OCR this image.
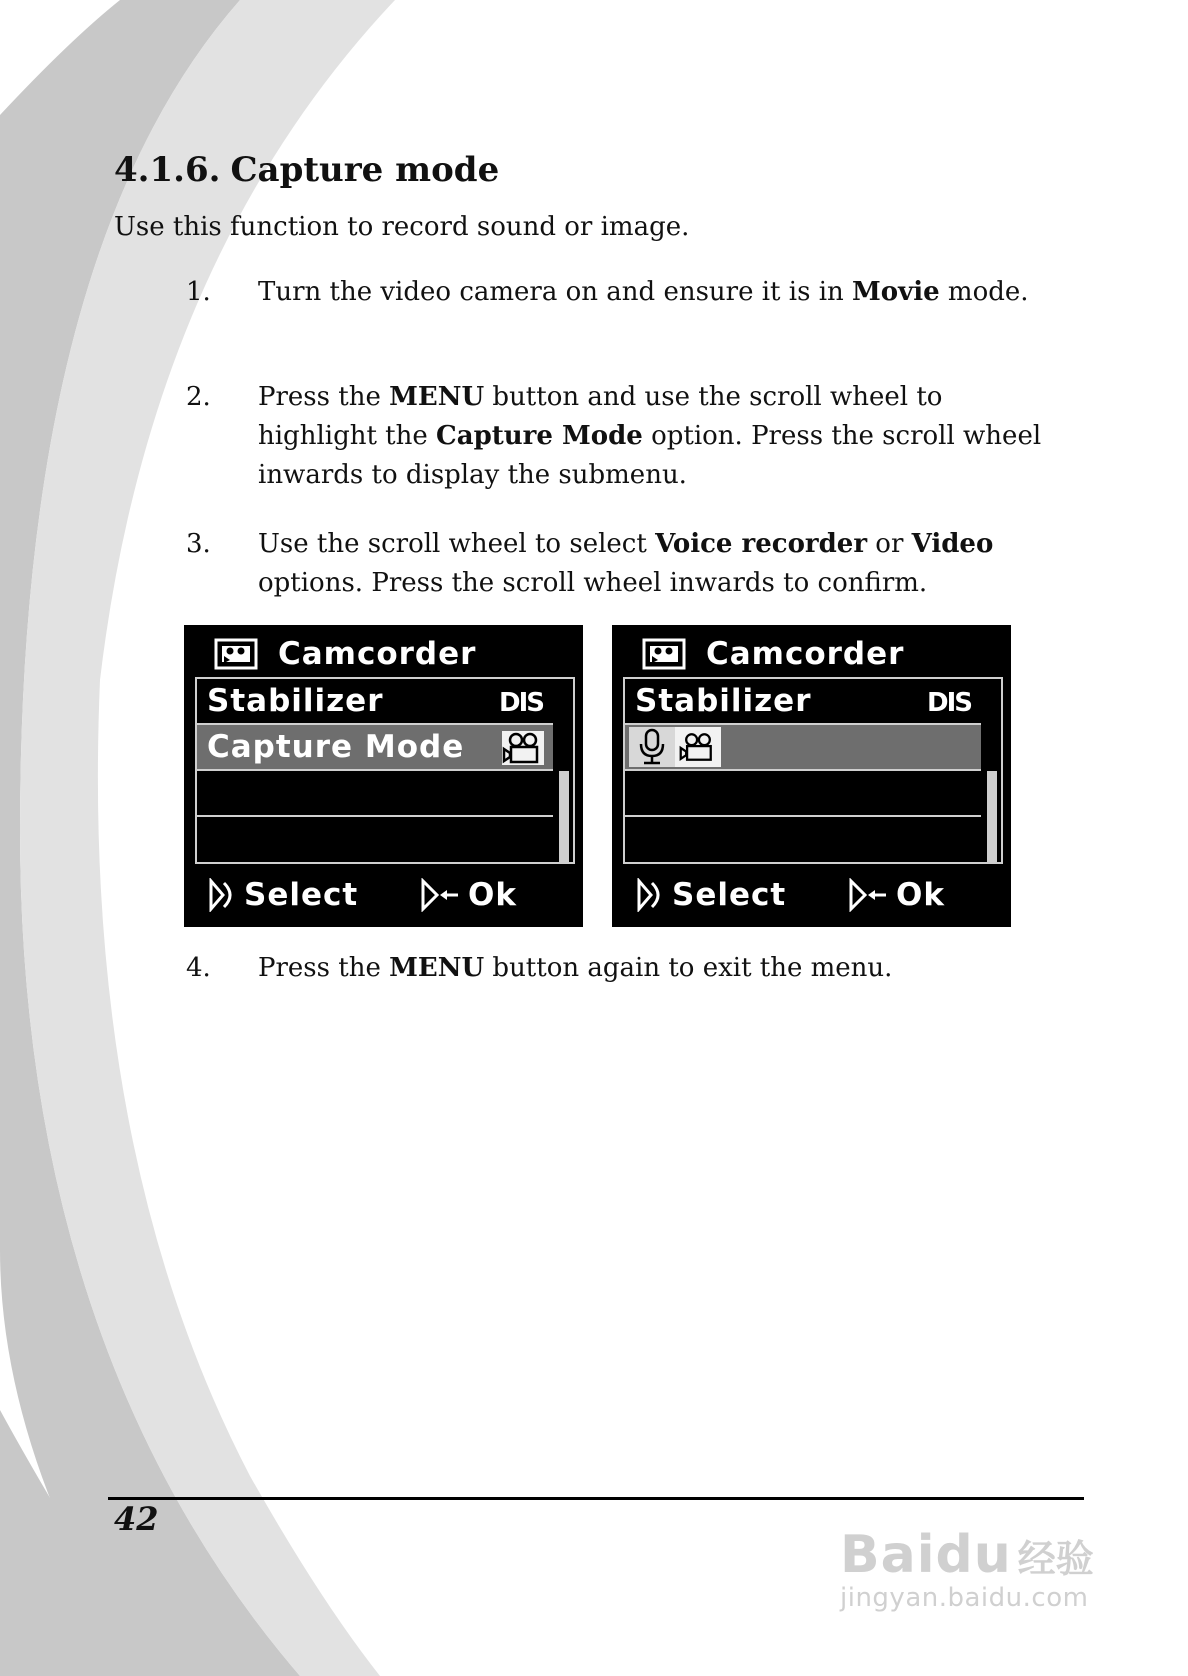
4.1.6. Capture mode

Use this function to record sound or image.

1. Turn the video camera on and ensure it is in Movie mode.
2. Press the MENU button and use the scroll wheel to highlight the Capture Mode option. Press the scroll wheel inwards to display the submenu.
3. Use the scroll wheel to select Voice recorder or Video options. Press the scroll wheel inwards to confirm.
Camcorder
Stabilizer	DIS
Capture Mode
Select	Ok
Camcorder
Stabilizer	DIS
Select	Ok
4. Press the MENU button again to exit the menu.
42
Baidu 经验
jingyan.baidu.com
